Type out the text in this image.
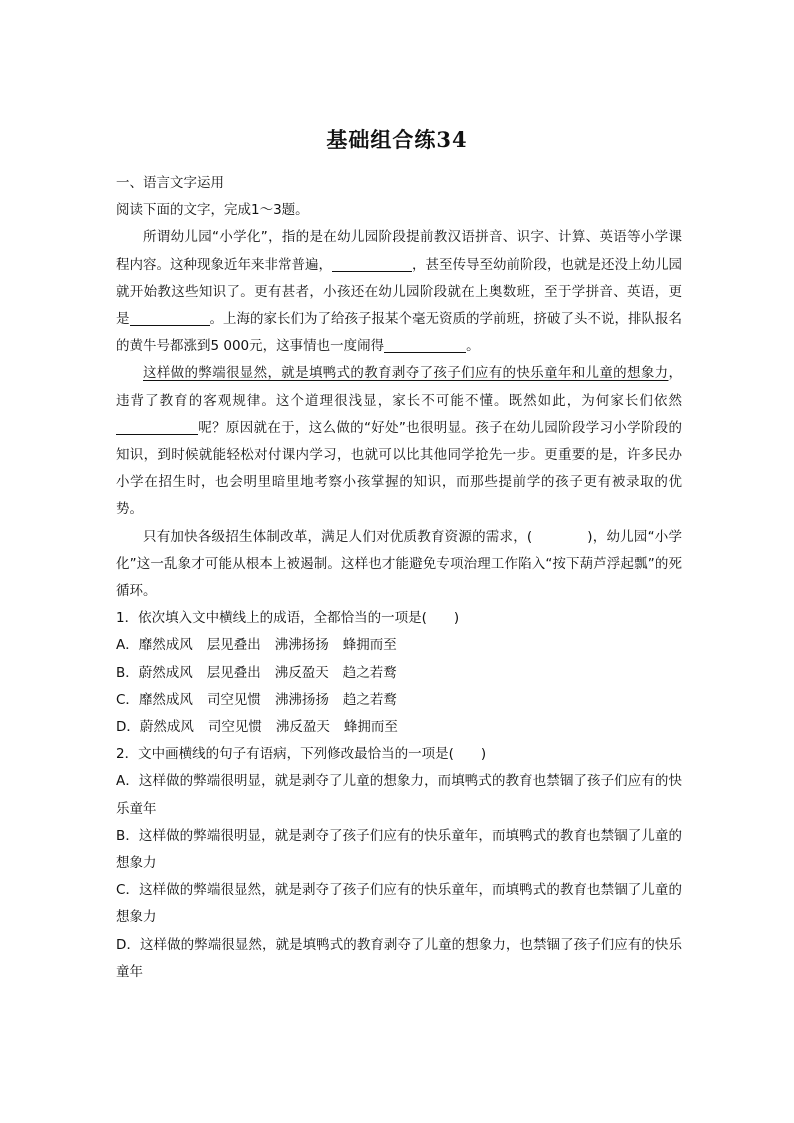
基础组合练34

一、语言文字运用

阅读下面的文字，完成1～3题。

所谓幼儿园“小学化”，指的是在幼儿园阶段提前教汉语拼音、识字、计算、英语等小学课程内容。这种现象近年来非常普遍，	，甚至传导至幼前阶段，也就是还没上幼儿园就开始教这些知识了。更有甚者，小孩还在幼儿园阶段就在上奥数班，至于学拼音、英语，更是	。上海的家长们为了给孩子报某个毫无资质的学前班，挤破了头不说，排队报名的黄牛号都涨到5 000元，这事情也一度闹得	。

这样做的弊端很显然，就是填鸭式的教育剥夺了孩子们应有的快乐童年和儿童的想象力，违背了教育的客观规律。这个道理很浅显，家长不可能不懂。既然如此，为何家长们依然呢？原因就在于，这么做的“好处”也很明显。孩子在幼儿园阶段学习小学阶段的知识，到时候就能轻松对付课内学习，也就可以比其他同学抢先一步。更重要的是，许多民办小学在招生时，也会明里暗里地考察小孩掌握的知识，而那些提前学的孩子更有被录取的优势。

只有加快各级招生体制改革，满足人们对优质教育资源的需求，(　　　　)，幼儿园“小学化”这一乱象才可能从根本上被遏制。这样也才能避免专项治理工作陷入“按下葫芦浮起瓢”的死循环。

1．依次填入文中横线上的成语，全都恰当的一项是(　　)

A．靡然成风 层见叠出 沸沸扬扬 蜂拥而至

B．蔚然成风 层见叠出 沸反盈天 趋之若鹜

C．靡然成风 司空见惯 沸沸扬扬 趋之若鹜

D．蔚然成风 司空见惯 沸反盈天 蜂拥而至

2．文中画横线的句子有语病，下列修改最恰当的一项是(　　)

A．这样做的弊端很明显，就是剥夺了儿童的想象力，而填鸭式的教育也禁锢了孩子们应有的快乐童年

B．这样做的弊端很明显，就是剥夺了孩子们应有的快乐童年，而填鸭式的教育也禁锢了儿童的想象力

C．这样做的弊端很显然，就是剥夺了孩子们应有的快乐童年，而填鸭式的教育也禁锢了儿童的想象力

D．这样做的弊端很显然，就是填鸭式的教育剥夺了儿童的想象力，也禁锢了孩子们应有的快乐童年
